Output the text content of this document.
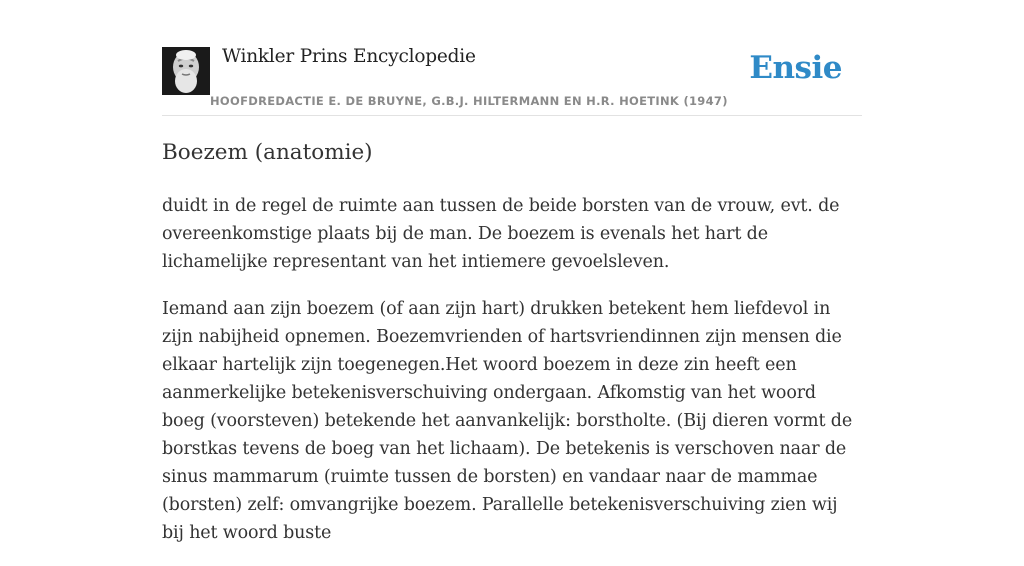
Winkler Prins Encyclopedie
HOOFDREDACTIE E. DE BRUYNE, G.B.J. HILTERMANN EN H.R. HOETINK (1947)
Ensie
Boezem (anatomie)

duidt in de regel de ruimte aan tussen de beide borsten van de vrouw, evt. de overeenkomstige plaats bij de man. De boezem is evenals het hart de lichamelijke representant van het intiemere gevoelsleven.

Iemand aan zijn boezem (of aan zijn hart) drukken betekent hem liefdevol in zijn nabijheid opnemen. Boezemvrienden of hartsvriendinnen zijn mensen die elkaar hartelijk zijn toegenegen.Het woord boezem in deze zin heeft een aanmerkelijke betekenisverschuiving ondergaan. Afkomstig van het woord boeg (voorsteven) betekende het aanvankelijk: borstholte. (Bij dieren vormt de borstkas tevens de boeg van het lichaam). De betekenis is verschoven naar de sinus mammarum (ruimte tussen de borsten) en vandaar naar de mammae (borsten) zelf: omvangrijke boezem. Parallelle betekenisverschuiving zien wij bij het woord buste
